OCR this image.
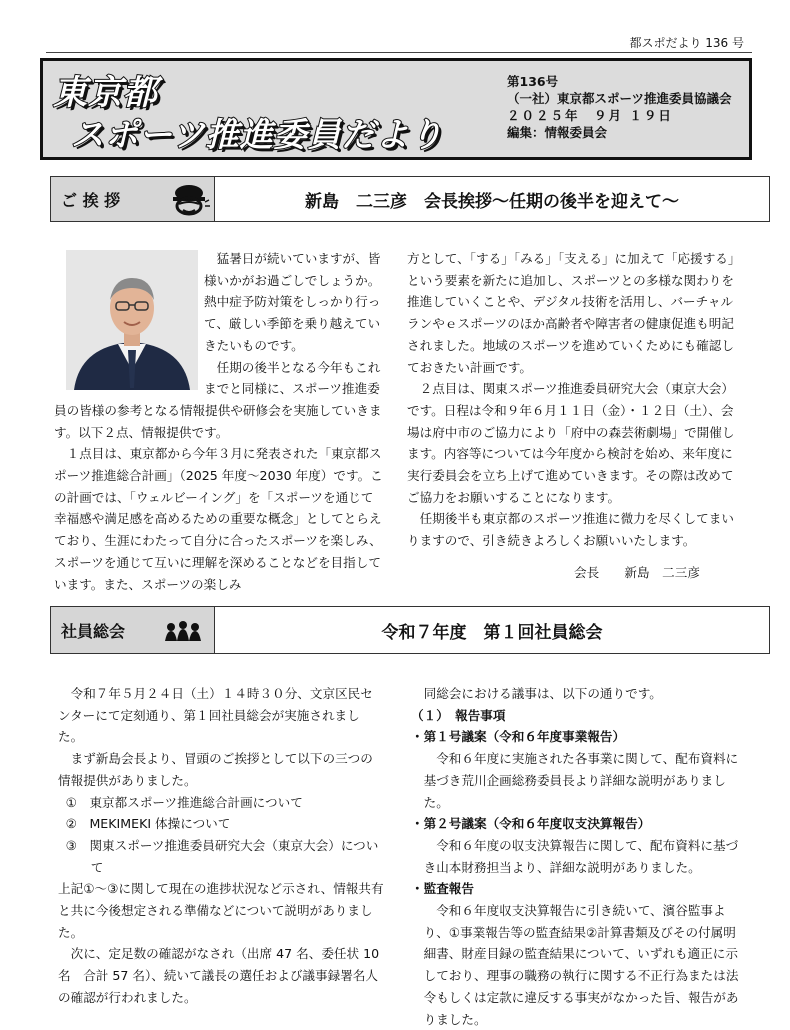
都スポだより 136 号
東京都
スポーツ推進委員だより
第136号
（一社）東京都スポーツ推進委員協議会
２０２５年　９月 １９日
編集：情報委員会
ご 挨 拶	新島　二三彦　会長挨拶～任期の後半を迎えて～

猛暑日が続いていますが、皆様いかがお過ごしでしょうか。熱中症予防対策をしっかり行って、厳しい季節を乗り越えていきたいものです。

任期の後半となる今年もこれまでと同様に、スポーツ推進委員の皆様の参考となる情報提供や研修会を実施していきます。以下２点、情報提供です。

１点目は、東京都から今年３月に発表された「東京都スポーツ推進総合計画」（2025 年度～2030 年度）です。この計画では、「ウェルビーイング」を「スポーツを通じて幸福感や満足感を高めるための重要な概念」としてとらえており、生涯にわたって自分に合ったスポーツを楽しみ、スポーツを通じて互いに理解を深めることなどを目指しています。また、スポーツの楽しみ

方として、「する」「みる」「支える」に加えて「応援する」という要素を新たに追加し、スポーツとの多様な関わりを推進していくことや、デジタル技術を活用し、バーチャルランやｅスポーツのほか高齢者や障害者の健康促進も明記されました。地域のスポーツを進めていくためにも確認しておきたい計画です。

２点目は、関東スポーツ推進委員研究大会（東京大会）です。日程は令和９年６月１１日（金）・１２日（土）、会場は府中市のご協力により「府中の森芸術劇場」で開催します。内容等については今年度から検討を始め、来年度に実行委員会を立ち上げて進めていきます。その際は改めてご協力をお願いすることになります。

任期後半も東京都のスポーツ推進に微力を尽くしてまいりますので、引き続きよろしくお願いいたします。

会長　　新島　二三彦
社員総会	令和７年度　第１回社員総会

令和７年５月２４日（土）１４時３０分、文京区民センターにて定刻通り、第１回社員総会が実施されました。

まず新島会長より、冒頭のご挨拶として以下の三つの情報提供がありました。

①　東京都スポーツ推進総合計画について

②　MEKIMEKI 体操について

③　関東スポーツ推進委員研究大会（東京大会）について

上記①～③に関して現在の進捗状況など示され、情報共有と共に今後想定される準備などについて説明がありました。

次に、定足数の確認がなされ（出席 47 名、委任状 10 名　合計 57 名）、続いて議長の選任および議事録署名人の確認が行われました。

同総会における議事は、以下の通りです。

（１）　報告事項

・第１号議案（令和６年度事業報告）

令和６年度に実施された各事業に関して、配布資料に基づき荒川企画総務委員長より詳細な説明がありました。

・第２号議案（令和６年度収支決算報告）

令和６年度の収支決算報告に関して、配布資料に基づき山本財務担当より、詳細な説明がありました。

・監査報告

令和６年度収支決算報告に引き続いて、濱谷監事より、①事業報告等の監査結果②計算書類及びその付属明細書、財産目録の監査結果について、いずれも適正に示しており、理事の職務の執行に関する不正行為または法令もしくは定款に違反する事実がなかった旨、報告がありました。
